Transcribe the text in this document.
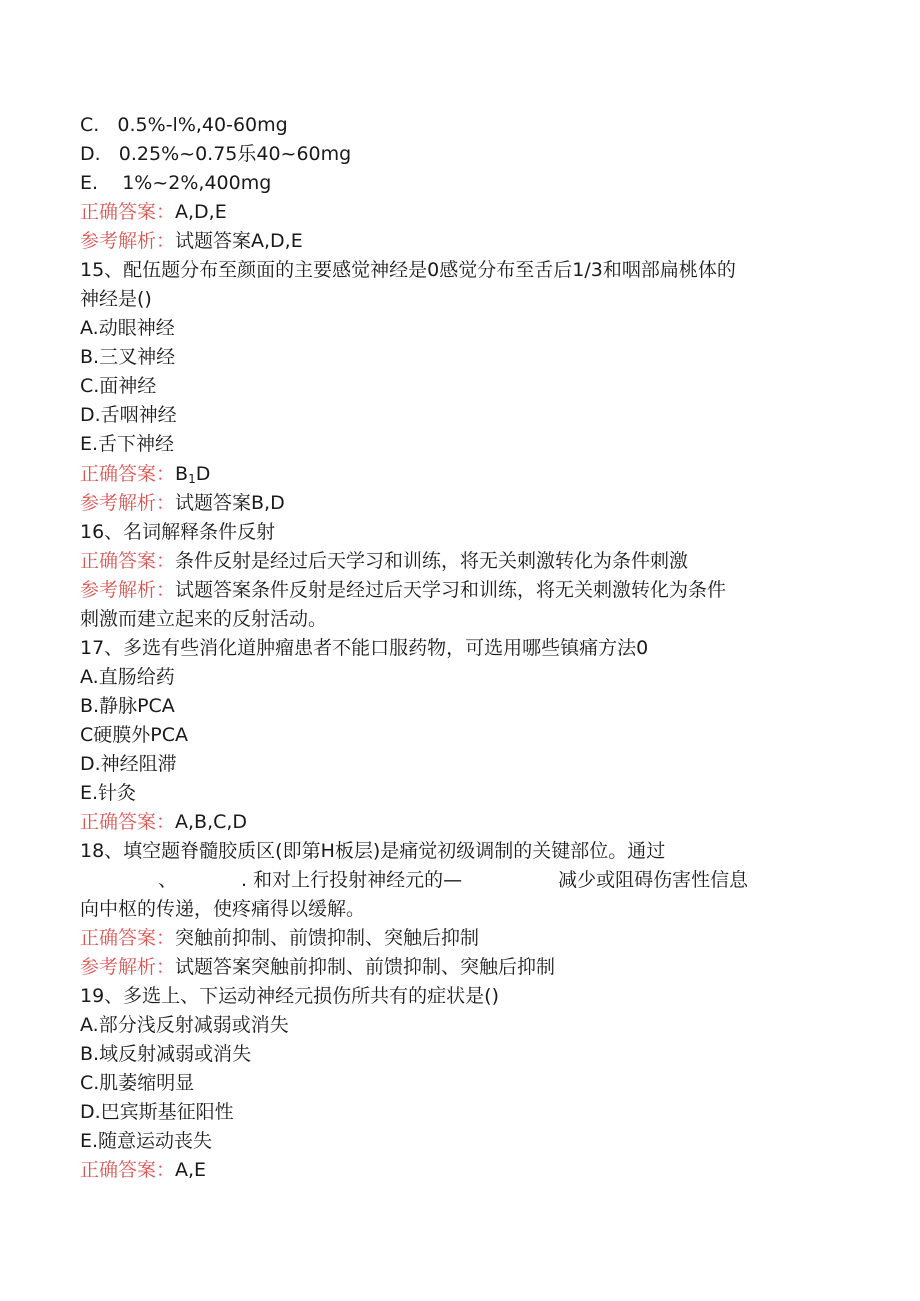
C.   0.5%-l%,40-60mg
D.   0.25%~0.75乐40~60mg
E.    1%~2%,400mg
正确答案：A,D,E
参考解析：试题答案A,D,E
15、配伍题分布至颜面的主要感觉神经是0感觉分布至舌后1/3和咽部扁桃体的
神经是()
A.动眼神经
B.三叉神经
C.面神经
D.舌咽神经
E.舌下神经
正确答案：$B_1D$
参考解析：试题答案B,D
16、名词解释条件反射
正确答案：条件反射是经过后天学习和训练，将无关刺激转化为条件刺激
参考解析：试题答案条件反射是经过后天学习和训练，将无关刺激转化为条件
刺激而建立起来的反射活动。
17、多选有些消化道肿瘤患者不能口服药物，可选用哪些镇痛方法0
A.直肠给药
B.静脉PCA
C硬膜外PCA
D.神经阻滞
E.针灸
正确答案：A,B,C,D
18、填空题脊髓胶质区(即第H板层)是痛觉初级调制的关键部位。通过
、	. 和对上行投射神经元的—	减少或阻碍伤害性信息
向中枢的传递，使疼痛得以缓解。
正确答案：突触前抑制、前馈抑制、突触后抑制
参考解析：试题答案突触前抑制、前馈抑制、突触后抑制
19、多选上、下运动神经元损伤所共有的症状是()
A.部分浅反射减弱或消失
B.域反射减弱或消失
C.肌萎缩明显
D.巴宾斯基征阳性
E.随意运动丧失
正确答案：A,E
